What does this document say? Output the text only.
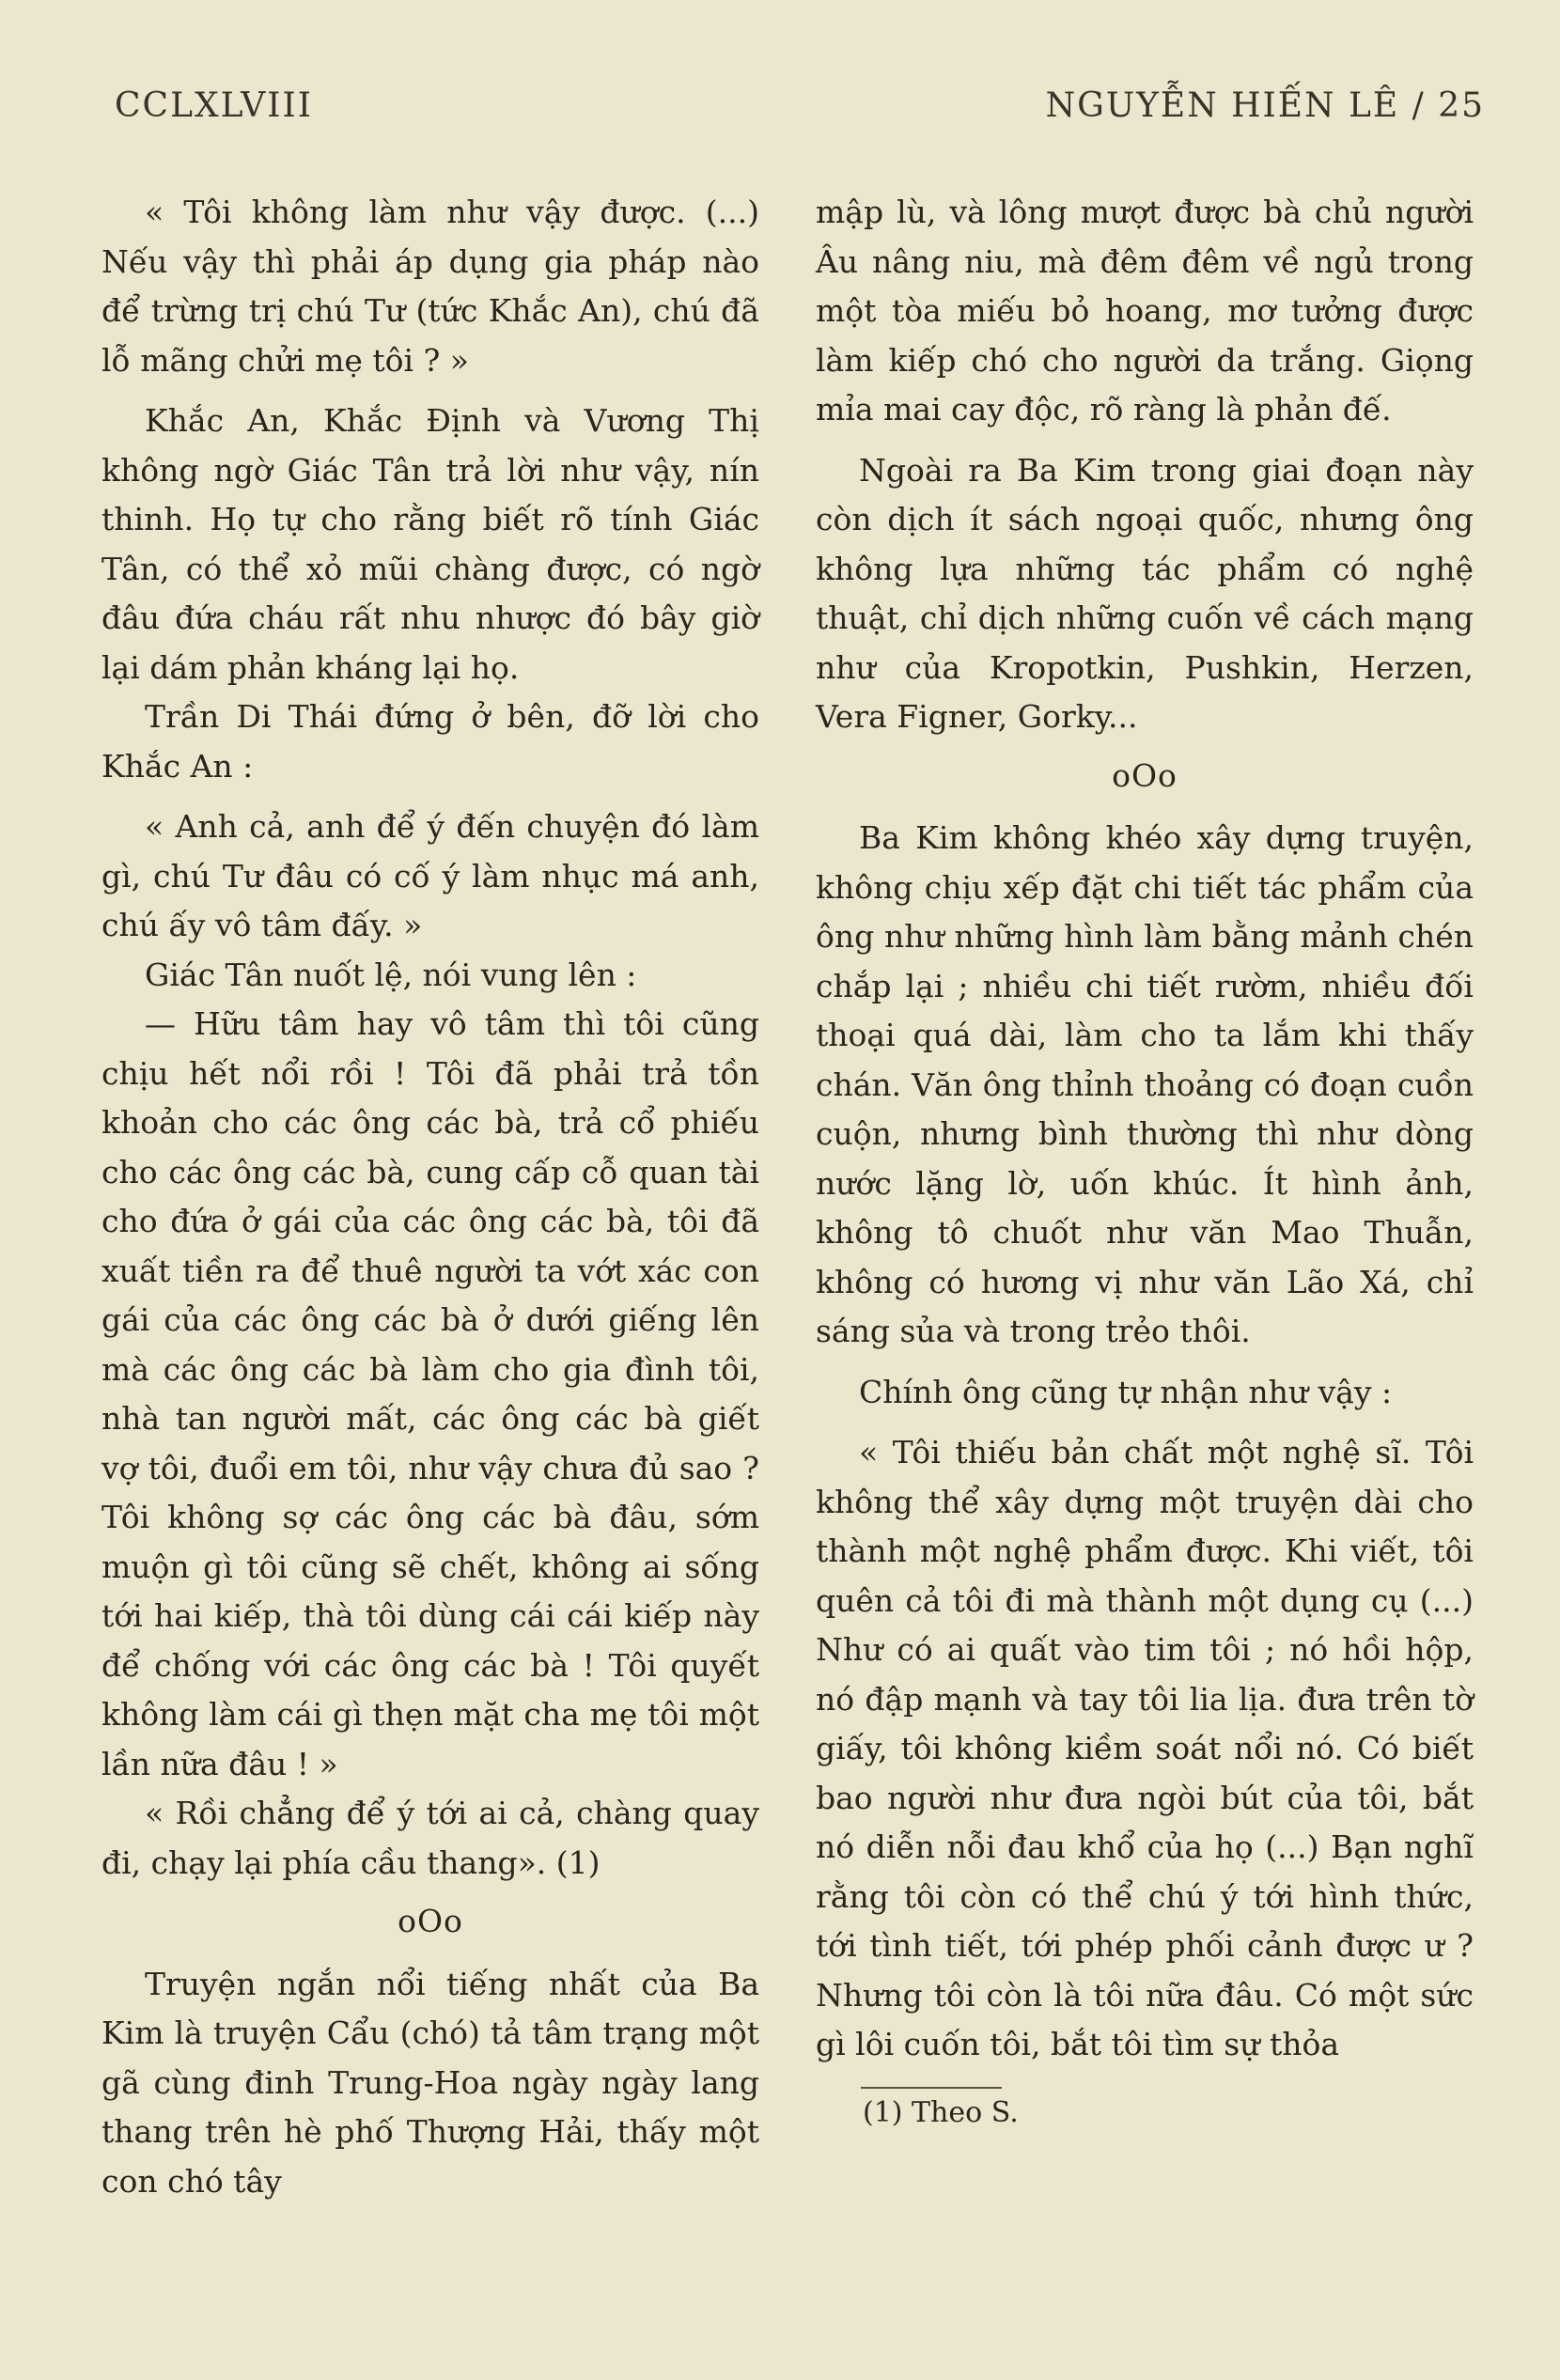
CCLXLVIII	NGUYỄN HIẾN LÊ / 25

« Tôi không làm như vậy được. (...) Nếu vậy thì phải áp dụng gia pháp nào để trừng trị chú Tư (tức Khắc An), chú đã lỗ mãng chửi mẹ tôi ? »

Khắc An, Khắc Định và Vương Thị không ngờ Giác Tân trả lời như vậy, nín thinh. Họ tự cho rằng biết rõ tính Giác Tân, có thể xỏ mũi chàng được, có ngờ đâu đứa cháu rất nhu nhược đó bây giờ lại dám phản kháng lại họ.

Trần Di Thái đứng ở bên, đỡ lời cho Khắc An :

« Anh cả, anh để ý đến chuyện đó làm gì, chú Tư đâu có cố ý làm nhục má anh, chú ấy vô tâm đấy. »

Giác Tân nuốt lệ, nói vung lên :

— Hữu tâm hay vô tâm thì tôi cũng chịu hết nổi rồi ! Tôi đã phải trả tồn khoản cho các ông các bà, trả cổ phiếu cho các ông các bà, cung cấp cỗ quan tài cho đứa ở gái của các ông các bà, tôi đã xuất tiền ra để thuê người ta vớt xác con gái của các ông các bà ở dưới giếng lên mà các ông các bà làm cho gia đình tôi, nhà tan người mất, các ông các bà giết vợ tôi, đuổi em tôi, như vậy chưa đủ sao ? Tôi không sợ các ông các bà đâu, sớm muộn gì tôi cũng sẽ chết, không ai sống tới hai kiếp, thà tôi dùng cái cái kiếp này để chống với các ông các bà ! Tôi quyết không làm cái gì thẹn mặt cha mẹ tôi một lần nữa đâu ! »

« Rồi chẳng để ý tới ai cả, chàng quay đi, chạy lại phía cầu thang». (1)

oOo

Truyện ngắn nổi tiếng nhất của Ba Kim là truyện Cẩu (chó) tả tâm trạng một gã cùng đinh Trung-Hoa ngày ngày lang thang trên hè phố Thượng Hải, thấy một con chó tây

mập lù, và lông mượt được bà chủ người Âu nâng niu, mà đêm đêm về ngủ trong một tòa miếu bỏ hoang, mơ tưởng được làm kiếp chó cho người da trắng. Giọng mỉa mai cay độc, rõ ràng là phản đế.

Ngoài ra Ba Kim trong giai đoạn này còn dịch ít sách ngoại quốc, nhưng ông không lựa những tác phẩm có nghệ thuật, chỉ dịch những cuốn về cách mạng như của Kropotkin, Pushkin, Herzen, Vera Figner, Gorky...

oOo

Ba Kim không khéo xây dựng truyện, không chịu xếp đặt chi tiết tác phẩm của ông như những hình làm bằng mảnh chén chắp lại ; nhiều chi tiết rườm, nhiều đối thoại quá dài, làm cho ta lắm khi thấy chán. Văn ông thỉnh thoảng có đoạn cuồn cuộn, nhưng bình thường thì như dòng nước lặng lờ, uốn khúc. Ít hình ảnh, không tô chuốt như văn Mao Thuẫn, không có hương vị như văn Lão Xá, chỉ sáng sủa và trong trẻo thôi.

Chính ông cũng tự nhận như vậy :

« Tôi thiếu bản chất một nghệ sĩ. Tôi không thể xây dựng một truyện dài cho thành một nghệ phẩm được. Khi viết, tôi quên cả tôi đi mà thành một dụng cụ (...) Như có ai quất vào tim tôi ; nó hồi hộp, nó đập mạnh và tay tôi lia lịa. đưa trên tờ giấy, tôi không kiềm soát nổi nó. Có biết bao người như đưa ngòi bút của tôi, bắt nó diễn nỗi đau khổ của họ (...) Bạn nghĩ rằng tôi còn có thể chú ý tới hình thức, tới tình tiết, tới phép phối cảnh được ư ? Nhưng tôi còn là tôi nữa đâu. Có một sức gì lôi cuốn tôi, bắt tôi tìm sự thỏa

(1) Theo S.
